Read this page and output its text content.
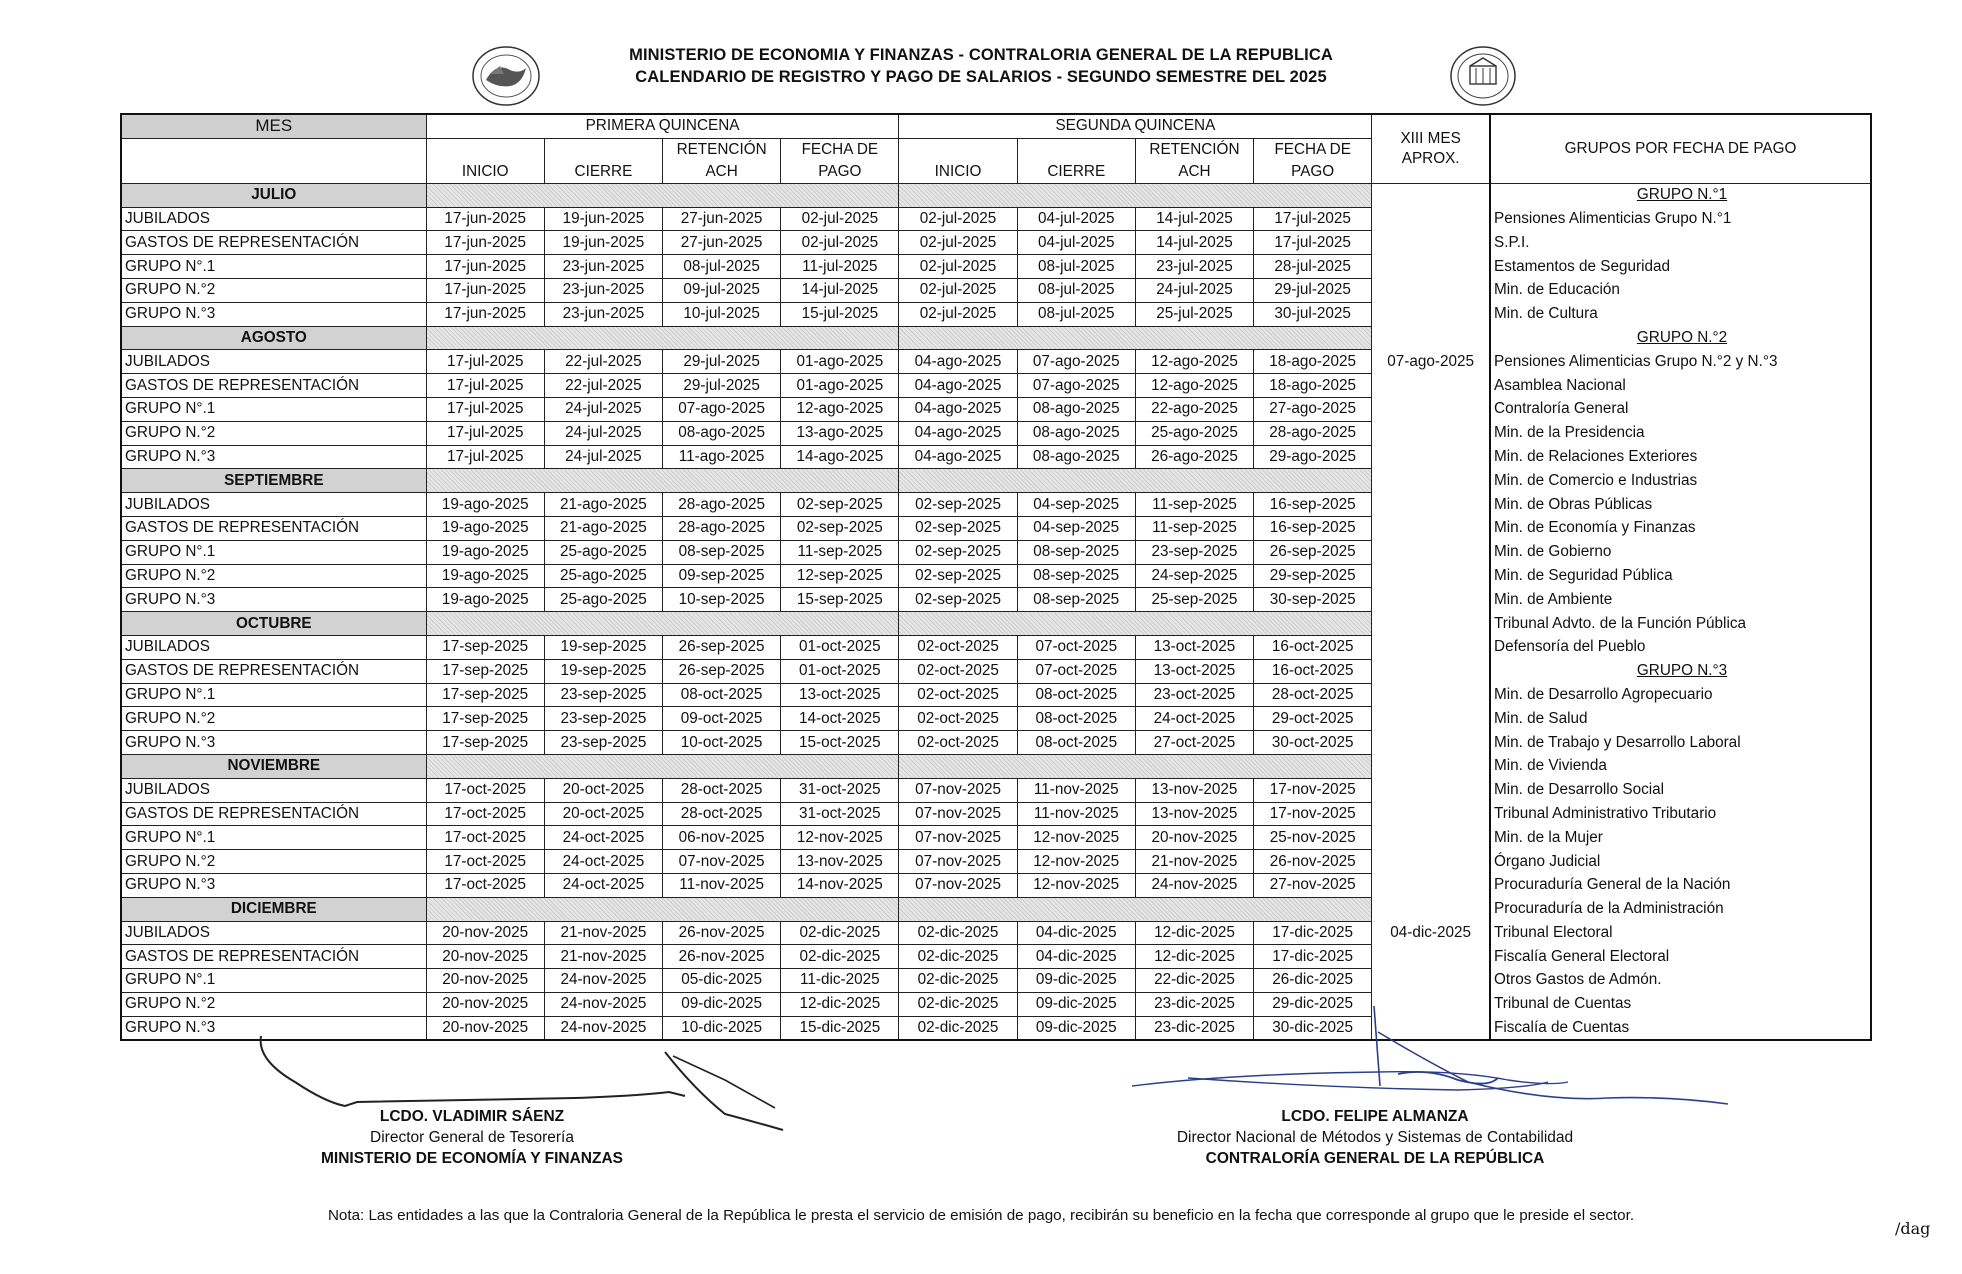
MINISTERIO DE ECONOMIA Y FINANZAS - CONTRALORIA GENERAL DE LA REPUBLICA
CALENDARIO DE REGISTRO Y PAGO DE SALARIOS - SEGUNDO SEMESTRE DEL 2025
MES	PRIMERA QUINCENA				SEGUNDA QUINCENA				XIII MES APROX.	GRUPOS POR FECHA DE PAGO
	INICIO	CIERRE	RETENCIÓN ACH	FECHA DE PAGO	INICIO	CIERRE	RETENCIÓN ACH	FECHA DE PAGO		
JULIO										GRUPO N.°1
JUBILADOS	17-jun-2025	19-jun-2025	27-jun-2025	02-jul-2025	02-jul-2025	04-jul-2025	14-jul-2025	17-jul-2025		Pensiones Alimenticias Grupo N.°1
GASTOS DE REPRESENTACIÓN	17-jun-2025	19-jun-2025	27-jun-2025	02-jul-2025	02-jul-2025	04-jul-2025	14-jul-2025	17-jul-2025		S.P.I.
GRUPO N°.1	17-jun-2025	23-jun-2025	08-jul-2025	11-jul-2025	02-jul-2025	08-jul-2025	23-jul-2025	28-jul-2025		Estamentos de Seguridad
GRUPO N.°2	17-jun-2025	23-jun-2025	09-jul-2025	14-jul-2025	02-jul-2025	08-jul-2025	24-jul-2025	29-jul-2025		Min. de Educación
GRUPO N.°3	17-jun-2025	23-jun-2025	10-jul-2025	15-jul-2025	02-jul-2025	08-jul-2025	25-jul-2025	30-jul-2025		Min. de Cultura
AGOSTO										GRUPO N.°2
JUBILADOS	17-jul-2025	22-jul-2025	29-jul-2025	01-ago-2025	04-ago-2025	07-ago-2025	12-ago-2025	18-ago-2025	07-ago-2025	Pensiones Alimenticias Grupo N.°2 y N.°3
GASTOS DE REPRESENTACIÓN	17-jul-2025	22-jul-2025	29-jul-2025	01-ago-2025	04-ago-2025	07-ago-2025	12-ago-2025	18-ago-2025		Asamblea Nacional
GRUPO N°.1	17-jul-2025	24-jul-2025	07-ago-2025	12-ago-2025	04-ago-2025	08-ago-2025	22-ago-2025	27-ago-2025		Contraloría General
GRUPO N.°2	17-jul-2025	24-jul-2025	08-ago-2025	13-ago-2025	04-ago-2025	08-ago-2025	25-ago-2025	28-ago-2025		Min. de la Presidencia
GRUPO N.°3	17-jul-2025	24-jul-2025	11-ago-2025	14-ago-2025	04-ago-2025	08-ago-2025	26-ago-2025	29-ago-2025		Min. de Relaciones Exteriores
SEPTIEMBRE										Min. de Comercio e Industrias
JUBILADOS	19-ago-2025	21-ago-2025	28-ago-2025	02-sep-2025	02-sep-2025	04-sep-2025	11-sep-2025	16-sep-2025		Min. de Obras Públicas
GASTOS DE REPRESENTACIÓN	19-ago-2025	21-ago-2025	28-ago-2025	02-sep-2025	02-sep-2025	04-sep-2025	11-sep-2025	16-sep-2025		Min. de Economía y Finanzas
GRUPO N°.1	19-ago-2025	25-ago-2025	08-sep-2025	11-sep-2025	02-sep-2025	08-sep-2025	23-sep-2025	26-sep-2025		Min. de Gobierno
GRUPO N.°2	19-ago-2025	25-ago-2025	09-sep-2025	12-sep-2025	02-sep-2025	08-sep-2025	24-sep-2025	29-sep-2025		Min. de Seguridad Pública
GRUPO N.°3	19-ago-2025	25-ago-2025	10-sep-2025	15-sep-2025	02-sep-2025	08-sep-2025	25-sep-2025	30-sep-2025		Min. de Ambiente
OCTUBRE										Tribunal Advto. de la Función Pública
JUBILADOS	17-sep-2025	19-sep-2025	26-sep-2025	01-oct-2025	02-oct-2025	07-oct-2025	13-oct-2025	16-oct-2025		Defensoría del Pueblo
GASTOS DE REPRESENTACIÓN	17-sep-2025	19-sep-2025	26-sep-2025	01-oct-2025	02-oct-2025	07-oct-2025	13-oct-2025	16-oct-2025		GRUPO N.°3
GRUPO N°.1	17-sep-2025	23-sep-2025	08-oct-2025	13-oct-2025	02-oct-2025	08-oct-2025	23-oct-2025	28-oct-2025		Min. de Desarrollo Agropecuario
GRUPO N.°2	17-sep-2025	23-sep-2025	09-oct-2025	14-oct-2025	02-oct-2025	08-oct-2025	24-oct-2025	29-oct-2025		Min. de Salud
GRUPO N.°3	17-sep-2025	23-sep-2025	10-oct-2025	15-oct-2025	02-oct-2025	08-oct-2025	27-oct-2025	30-oct-2025		Min. de Trabajo y Desarrollo Laboral
NOVIEMBRE										Min. de Vivienda
JUBILADOS	17-oct-2025	20-oct-2025	28-oct-2025	31-oct-2025	07-nov-2025	11-nov-2025	13-nov-2025	17-nov-2025		Min. de Desarrollo Social
GASTOS DE REPRESENTACIÓN	17-oct-2025	20-oct-2025	28-oct-2025	31-oct-2025	07-nov-2025	11-nov-2025	13-nov-2025	17-nov-2025		Tribunal Administrativo Tributario
GRUPO N°.1	17-oct-2025	24-oct-2025	06-nov-2025	12-nov-2025	07-nov-2025	12-nov-2025	20-nov-2025	25-nov-2025		Min. de la Mujer
GRUPO N.°2	17-oct-2025	24-oct-2025	07-nov-2025	13-nov-2025	07-nov-2025	12-nov-2025	21-nov-2025	26-nov-2025		Órgano Judicial
GRUPO N.°3	17-oct-2025	24-oct-2025	11-nov-2025	14-nov-2025	07-nov-2025	12-nov-2025	24-nov-2025	27-nov-2025		Procuraduría General de la Nación
DICIEMBRE										Procuraduría de la Administración
JUBILADOS	20-nov-2025	21-nov-2025	26-nov-2025	02-dic-2025	02-dic-2025	04-dic-2025	12-dic-2025	17-dic-2025	04-dic-2025	Tribunal Electoral
GASTOS DE REPRESENTACIÓN	20-nov-2025	21-nov-2025	26-nov-2025	02-dic-2025	02-dic-2025	04-dic-2025	12-dic-2025	17-dic-2025		Fiscalía General Electoral
GRUPO N°.1	20-nov-2025	24-nov-2025	05-dic-2025	11-dic-2025	02-dic-2025	09-dic-2025	22-dic-2025	26-dic-2025		Otros Gastos de Admón.
GRUPO N.°2	20-nov-2025	24-nov-2025	09-dic-2025	12-dic-2025	02-dic-2025	09-dic-2025	23-dic-2025	29-dic-2025		Tribunal de Cuentas
GRUPO N.°3	20-nov-2025	24-nov-2025	10-dic-2025	15-dic-2025	02-dic-2025	09-dic-2025	23-dic-2025	30-dic-2025		Fiscalía de Cuentas
LCDO. VLADIMIR SÁENZ
Director General de Tesorería
MINISTERIO DE ECONOMÍA Y FINANZAS
LCDO. FELIPE ALMANZA
Director Nacional de Métodos y Sistemas de Contabilidad
CONTRALORÍA GENERAL DE LA REPÚBLICA
Nota: Las entidades a las que la Contraloria General de la República le presta el servicio de emisión de pago, recibirán su beneficio en la fecha que corresponde al grupo que le preside el sector.
/dag
